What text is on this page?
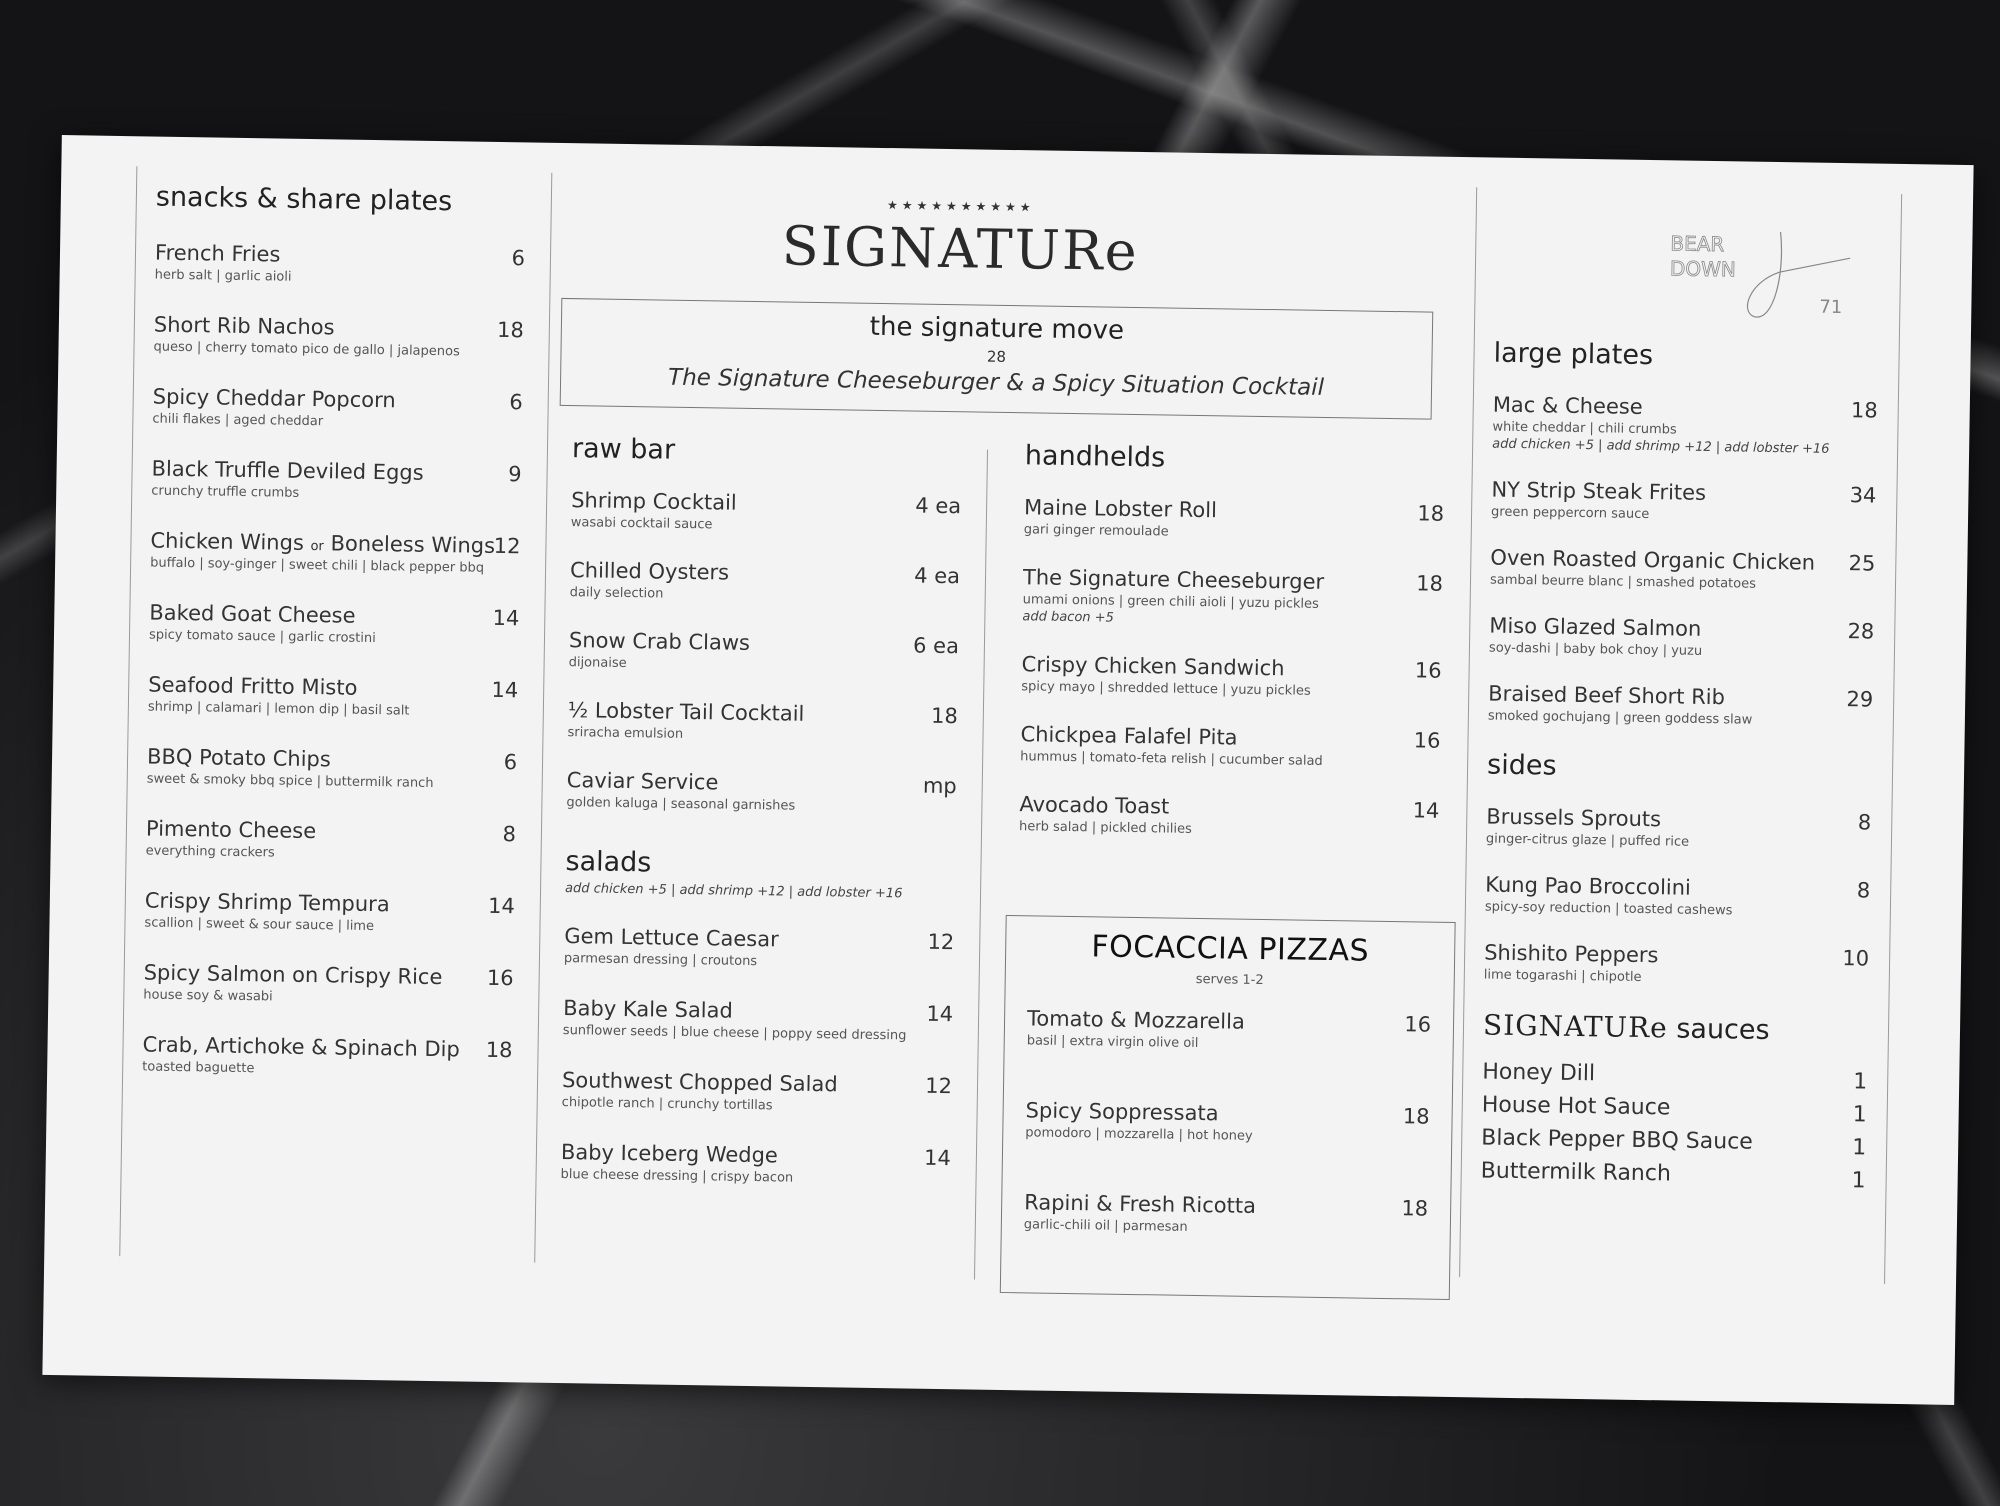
★★★★★★★★★★
SIGNATURe	BEAR
DOWN
71
the signature move
28
The Signature Cheeseburger & a Spicy Situation Cocktail
snacks & share plates
French Fries
herb salt | garlic aioli
6
Short Rib Nachos
queso | cherry tomato pico de gallo | jalapenos
18
Spicy Cheddar Popcorn
chili flakes | aged cheddar
6
Black Truffle Deviled Eggs
crunchy truffle crumbs
9
Chicken Wings or Boneless Wings
buffalo | soy-ginger | sweet chili | black pepper bbq
12
Baked Goat Cheese
spicy tomato sauce | garlic crostini
14
Seafood Fritto Misto
shrimp | calamari | lemon dip | basil salt
14
BBQ Potato Chips
sweet & smoky bbq spice | buttermilk ranch
6
Pimento Cheese
everything crackers
8
Crispy Shrimp Tempura
scallion | sweet & sour sauce | lime
14
Spicy Salmon on Crispy Rice
house soy & wasabi
16
Crab, Artichoke & Spinach Dip
toasted baguette
18
raw bar
Shrimp Cocktail
wasabi cocktail sauce
4 ea
Chilled Oysters
daily selection
4 ea
Snow Crab Claws
dijonaise
6 ea
½ Lobster Tail Cocktail
sriracha emulsion
18
Caviar Service
golden kaluga | seasonal garnishes
mp
salads
add chicken +5 | add shrimp +12 | add lobster +16
Gem Lettuce Caesar
parmesan dressing | croutons
12
Baby Kale Salad
sunflower seeds | blue cheese | poppy seed dressing
14
Southwest Chopped Salad
chipotle ranch | crunchy tortillas
12
Baby Iceberg Wedge
blue cheese dressing | crispy bacon
14
handhelds
Maine Lobster Roll
gari ginger remoulade
18
The Signature Cheeseburger
umami onions | green chili aioli | yuzu pickles
add bacon +5
18
Crispy Chicken Sandwich
spicy mayo | shredded lettuce | yuzu pickles
16
Chickpea Falafel Pita
hummus | tomato-feta relish | cucumber salad
16
Avocado Toast
herb salad | pickled chilies
14
FOCACCIA PIZZAS
serves 1-2
Tomato & Mozzarella
basil | extra virgin olive oil
16
Spicy Soppressata
pomodoro | mozzarella | hot honey
18
Rapini & Fresh Ricotta
garlic-chili oil | parmesan
18
large plates
Mac & Cheese
white cheddar | chili crumbs
add chicken +5 | add shrimp +12 | add lobster +16
18
NY Strip Steak Frites
green peppercorn sauce
34
Oven Roasted Organic Chicken
sambal beurre blanc | smashed potatoes
25
Miso Glazed Salmon
soy-dashi | baby bok choy | yuzu
28
Braised Beef Short Rib
smoked gochujang | green goddess slaw
29
sides
Brussels Sprouts
ginger-citrus glaze | puffed rice
8
Kung Pao Broccolini
spicy-soy reduction | toasted cashews
8
Shishito Peppers
lime togarashi | chipotle
10
SIGNATURe sauces
Honey Dill	1
House Hot Sauce	1
Black Pepper BBQ Sauce	1
Buttermilk Ranch	1
